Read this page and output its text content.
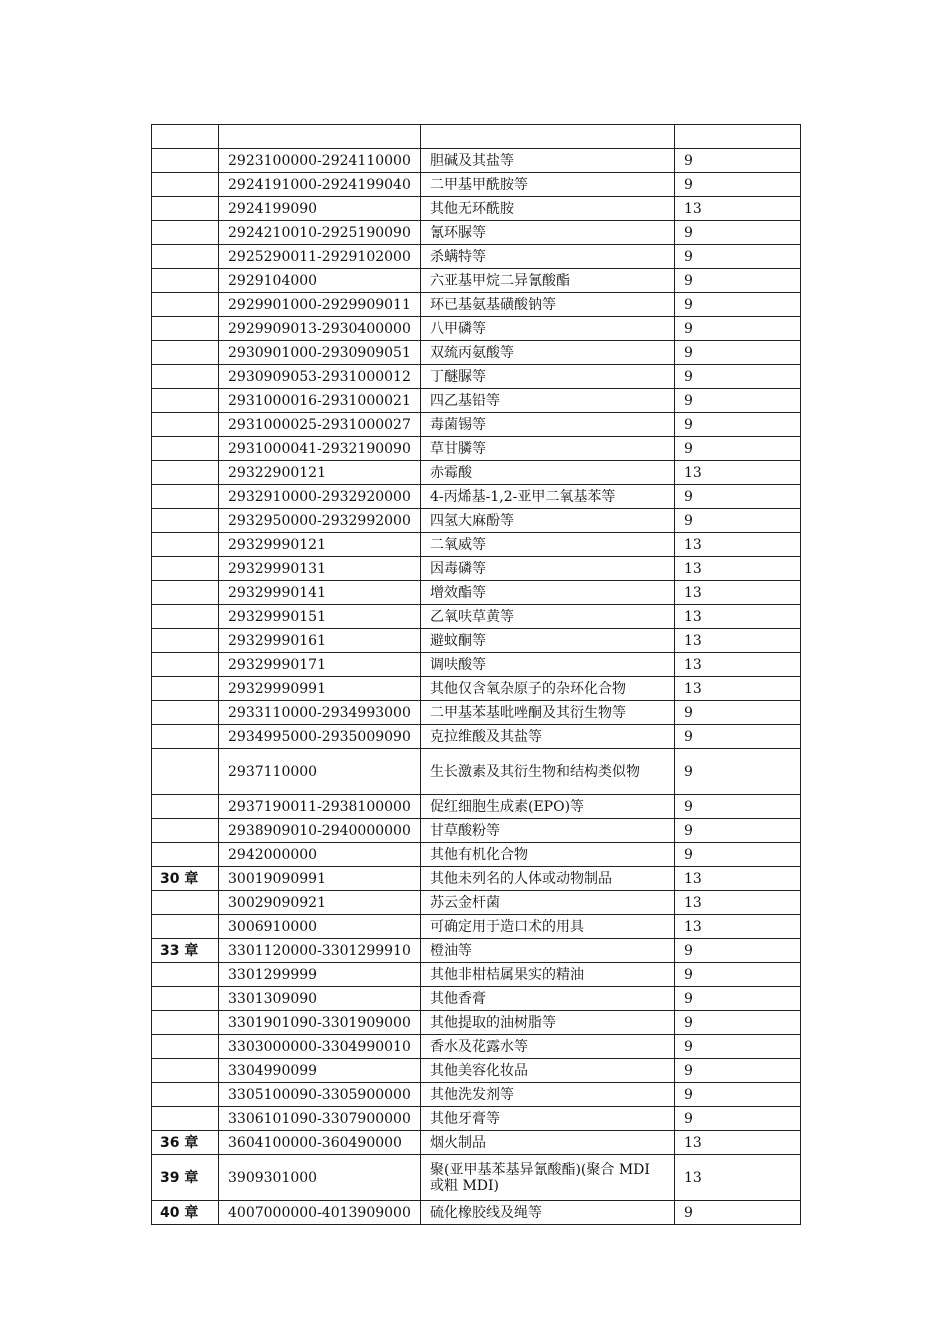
	2923100000-2924110000	胆碱及其盐等	9
	2924191000-2924199040	二甲基甲酰胺等	9
	2924199090	其他无环酰胺	13
	2924210010-2925190090	氰环脲等	9
	2925290011-2929102000	杀螨特等	9
	2929104000	六亚基甲烷二异氰酸酯	9
	2929901000-2929909011	环已基氨基磺酸钠等	9
	2929909013-2930400000	八甲磷等	9
	2930901000-2930909051	双巯丙氨酸等	9
	2930909053-2931000012	丁醚脲等	9
	2931000016-2931000021	四乙基铅等	9
	2931000025-2931000027	毒菌锡等	9
	2931000041-2932190090	草甘膦等	9
	29322900121	赤霉酸	13
	2932910000-2932920000	4-丙烯基-1,2-亚甲二氧基苯等	9
	2932950000-2932992000	四氢大麻酚等	9
	29329990121	二氧威等	13
	29329990131	因毒磷等	13
	29329990141	增效酯等	13
	29329990151	乙氧呋草黄等	13
	29329990161	避蚊酮等	13
	29329990171	调呋酸等	13
	29329990991	其他仅含氧杂原子的杂环化合物	13
	2933110000-2934993000	二甲基苯基吡唑酮及其衍生物等	9
	2934995000-2935009090	克拉维酸及其盐等	9
	2937110000	生长激素及其衍生物和结构类似物	9
	2937190011-2938100000	促红细胞生成素(EPO)等	9
	2938909010-2940000000	甘草酸粉等	9
	2942000000	其他有机化合物	9
30 章	30019090991	其他未列名的人体或动物制品	13
	30029090921	苏云金杆菌	13
	3006910000	可确定用于造口术的用具	13
33 章	3301120000-3301299910	橙油等	9
	3301299999	其他非柑桔属果实的精油	9
	3301309090	其他香膏	9
	3301901090-3301909000	其他提取的油树脂等	9
	3303000000-3304990010	香水及花露水等	9
	3304990099	其他美容化妆品	9
	3305100090-3305900000	其他洗发剂等	9
	3306101090-3307900000	其他牙膏等	9
36 章	3604100000-360490000	烟火制品	13
39 章	3909301000	聚(亚甲基苯基异氰酸酯)(聚合 MDI 或粗 MDI)	13
40 章	4007000000-4013909000	硫化橡胶线及绳等	9
